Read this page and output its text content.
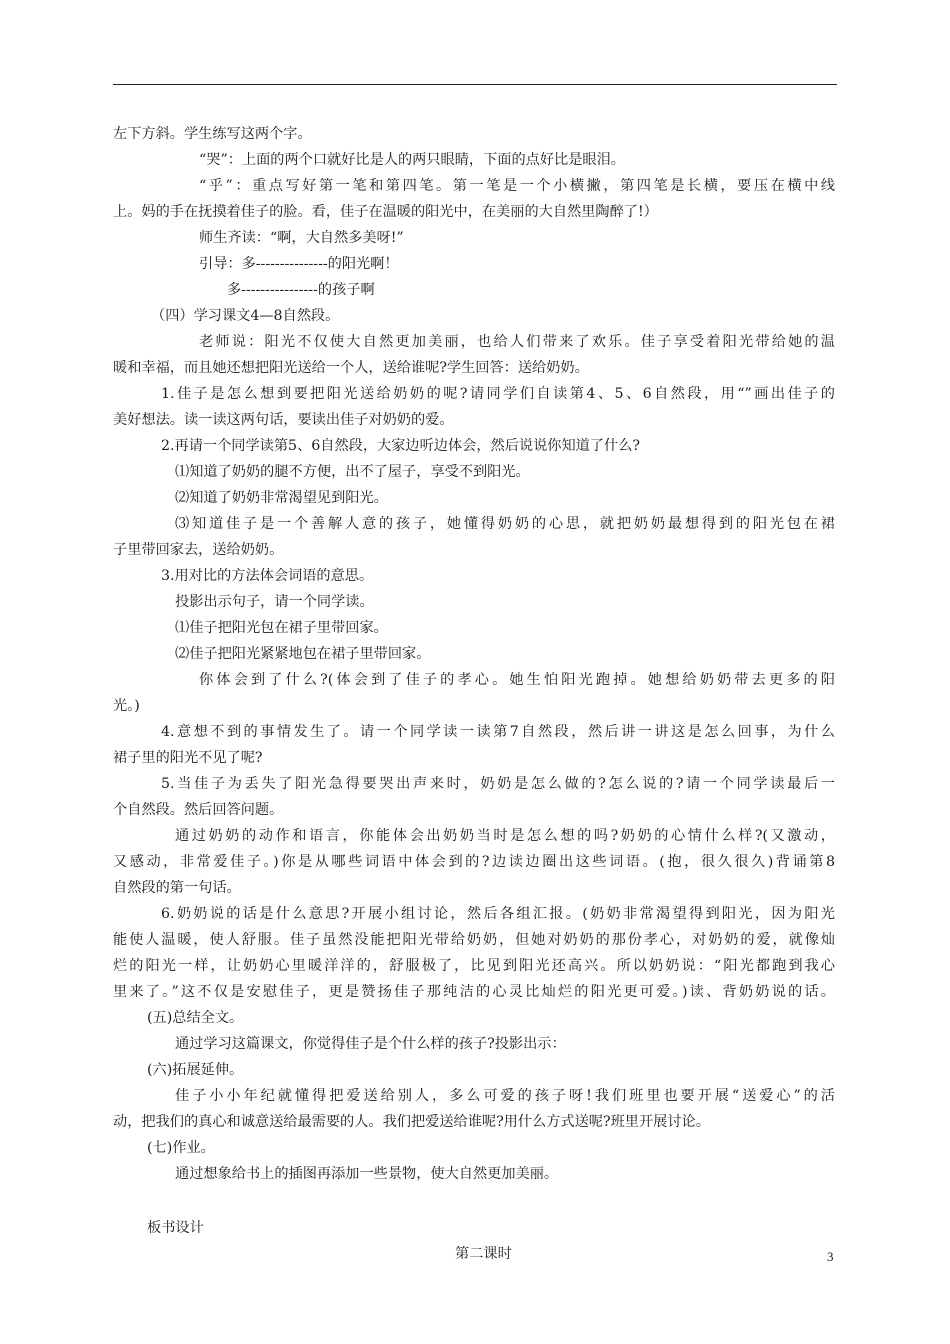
左下方斜。学生练写这两个字。
“哭”：上面的两个口就好比是人的两只眼睛，下面的点好比是眼泪。
“乎”：重点写好第一笔和第四笔。第一笔是一个小横撇，第四笔是长横，要压在横中线
上。妈的手在抚摸着佳子的脸。看，佳子在温暖的阳光中，在美丽的大自然里陶醉了!）
师生齐读：“啊，大自然多美呀!”
引导：多---------------的阳光啊！
多----------------的孩子啊
（四）学习课文4—8自然段。
老师说：阳光不仅使大自然更加美丽，也给人们带来了欢乐。佳子享受着阳光带给她的温
暖和幸福，而且她还想把阳光送给一个人，送给谁呢?学生回答：送给奶奶。
1.佳子是怎么想到要把阳光送给奶奶的呢?请同学们自读第4、5、6自然段，用“”画出佳子的
美好想法。读一读这两句话，要读出佳子对奶奶的爱。
2.再请一个同学读第5、6自然段，大家边听边体会，然后说说你知道了什么?
⑴知道了奶奶的腿不方便，出不了屋子，享受不到阳光。
⑵知道了奶奶非常渴望见到阳光。
⑶知道佳子是一个善解人意的孩子，她懂得奶奶的心思，就把奶奶最想得到的阳光包在裙
子里带回家去，送给奶奶。
3.用对比的方法体会词语的意思。
投影出示句子，请一个同学读。
⑴佳子把阳光包在裙子里带回家。
⑵佳子把阳光紧紧地包在裙子里带回家。
你体会到了什么?(体会到了佳子的孝心。她生怕阳光跑掉。她想给奶奶带去更多的阳
光。)
4.意想不到的事情发生了。请一个同学读一读第7自然段，然后讲一讲这是怎么回事，为什么
裙子里的阳光不见了呢?
5.当佳子为丢失了阳光急得要哭出声来时，奶奶是怎么做的?怎么说的?请一个同学读最后一
个自然段。然后回答问题。
通过奶奶的动作和语言，你能体会出奶奶当时是怎么想的吗?奶奶的心情什么样?(又激动，
又感动，非常爱佳子。)你是从哪些词语中体会到的?边读边圈出这些词语。(抱，很久很久)背诵第8
自然段的第一句话。
6.奶奶说的话是什么意思?开展小组讨论，然后各组汇报。(奶奶非常渴望得到阳光，因为阳光
能使人温暖，使人舒服。佳子虽然没能把阳光带给奶奶，但她对奶奶的那份孝心，对奶奶的爱，就像灿
烂的阳光一样，让奶奶心里暖洋洋的，舒服极了，比见到阳光还高兴。所以奶奶说：“阳光都跑到我心
里来了。”这不仅是安慰佳子，更是赞扬佳子那纯洁的心灵比灿烂的阳光更可爱。)读、背奶奶说的话。
(五)总结全文。
通过学习这篇课文，你觉得佳子是个什么样的孩子?投影出示：
(六)拓展延伸。
佳子小小年纪就懂得把爱送给别人，多么可爱的孩子呀!我们班里也要开展“送爱心”的活
动，把我们的真心和诚意送给最需要的人。我们把爱送给谁呢?用什么方式送呢?班里开展讨论。
(七)作业。
通过想象给书上的插图再添加一些景物，使大自然更加美丽。
板书设计
第二课时	3
